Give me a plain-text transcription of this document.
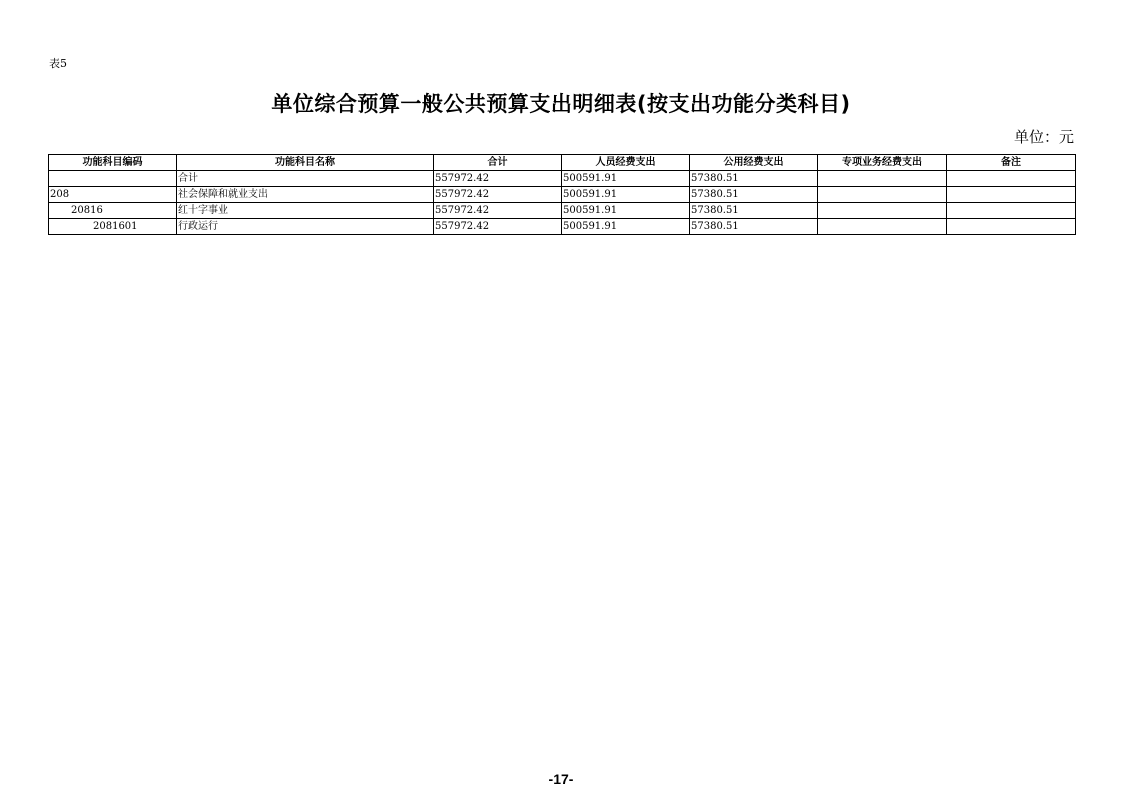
表5
单位综合预算一般公共预算支出明细表(按支出功能分类科目)
单位：元
功能科目编码	功能科目名称	合计	人员经费支出	公用经费支出	专项业务经费支出	备注
	合计	557972.42	500591.91	57380.51		
208	社会保障和就业支出	557972.42	500591.91	57380.51		
20816	红十字事业	557972.42	500591.91	57380.51		
2081601	行政运行	557972.42	500591.91	57380.51		
-17-
